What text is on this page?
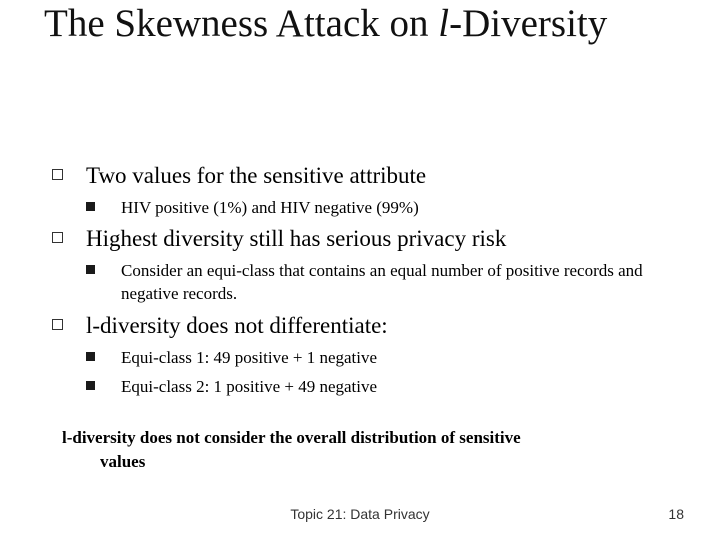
The Skewness Attack on l-Diversity
Two values for the sensitive attribute
HIV positive (1%) and HIV negative (99%)
Highest diversity still has serious privacy risk
Consider an equi-class that contains an equal number of positive records and negative records.
l-diversity does not differentiate:
Equi-class 1: 49 positive + 1 negative
Equi-class 2: 1 positive + 49 negative
l-diversity does not consider the overall distribution of sensitive
values
Topic 21: Data Privacy	18
